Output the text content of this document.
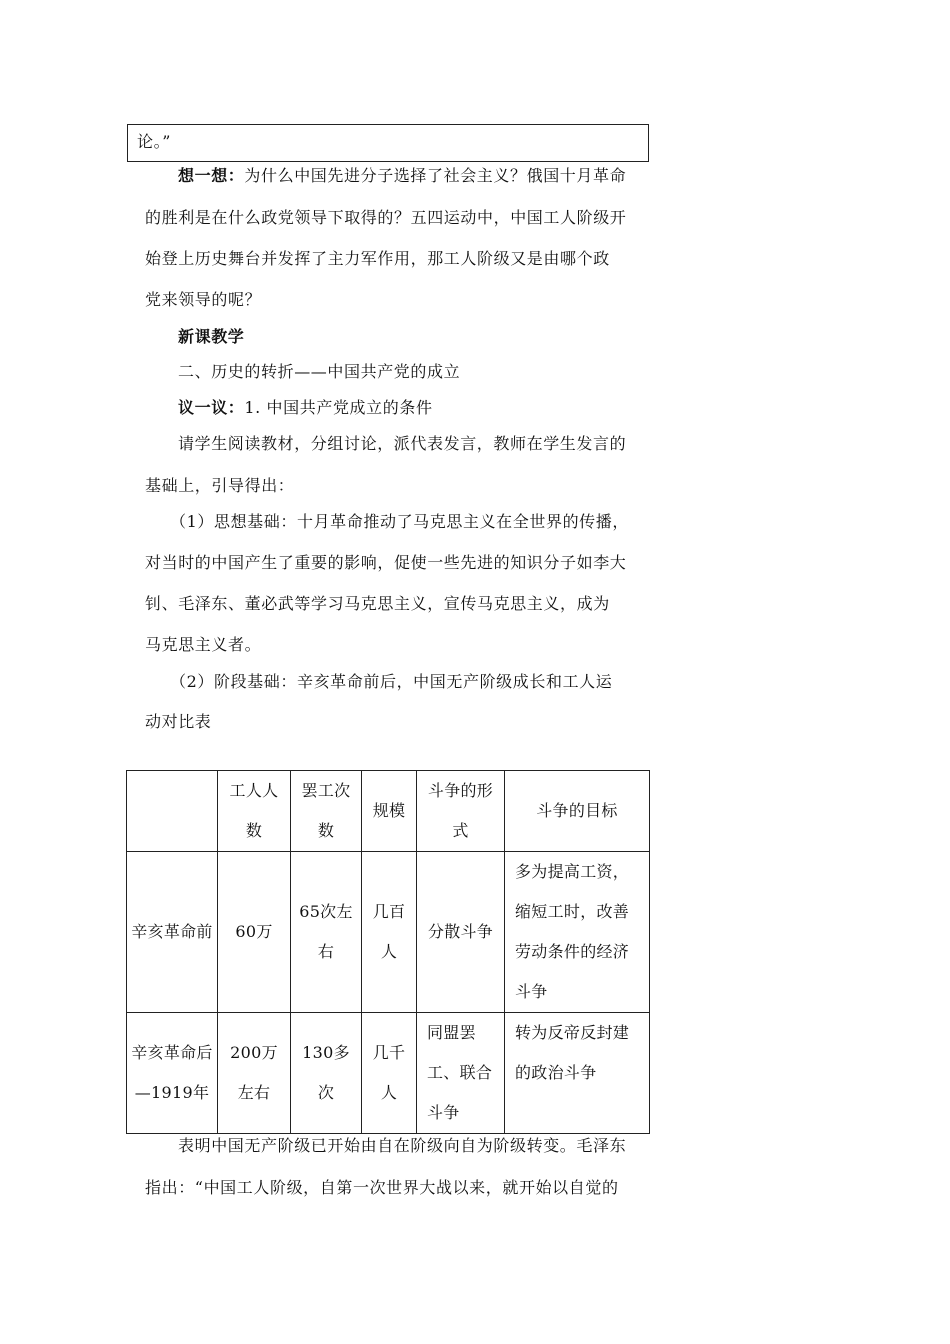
论。”
想一想：为什么中国先进分子选择了社会主义？俄国十月革命
的胜利是在什么政党领导下取得的？五四运动中，中国工人阶级开
始登上历史舞台并发挥了主力军作用，那工人阶级又是由哪个政
党来领导的呢？
新课教学
二、历史的转折——中国共产党的成立
议一议：1. 中国共产党成立的条件
请学生阅读教材，分组讨论，派代表发言，教师在学生发言的
基础上，引导得出：
（1）思想基础：十月革命推动了马克思主义在全世界的传播，
对当时的中国产生了重要的影响，促使一些先进的知识分子如李大
钊、毛泽东、董必武等学习马克思主义，宣传马克思主义，成为
马克思主义者。
（2）阶段基础：辛亥革命前后，中国无产阶级成长和工人运
动对比表
	工人人数	罢工次数	规模	斗争的形式	斗争的目标
辛亥革命前	60万	65次左右	几百人	分散斗争	多为提高工资，缩短工时，改善劳动条件的经济斗争
辛亥革命后—1919年	200万左右	130多次	几千人	同盟罢工、联合斗争	转为反帝反封建的政治斗争
表明中国无产阶级已开始由自在阶级向自为阶级转变。毛泽东
指出：“中国工人阶级，自第一次世界大战以来，就开始以自觉的
